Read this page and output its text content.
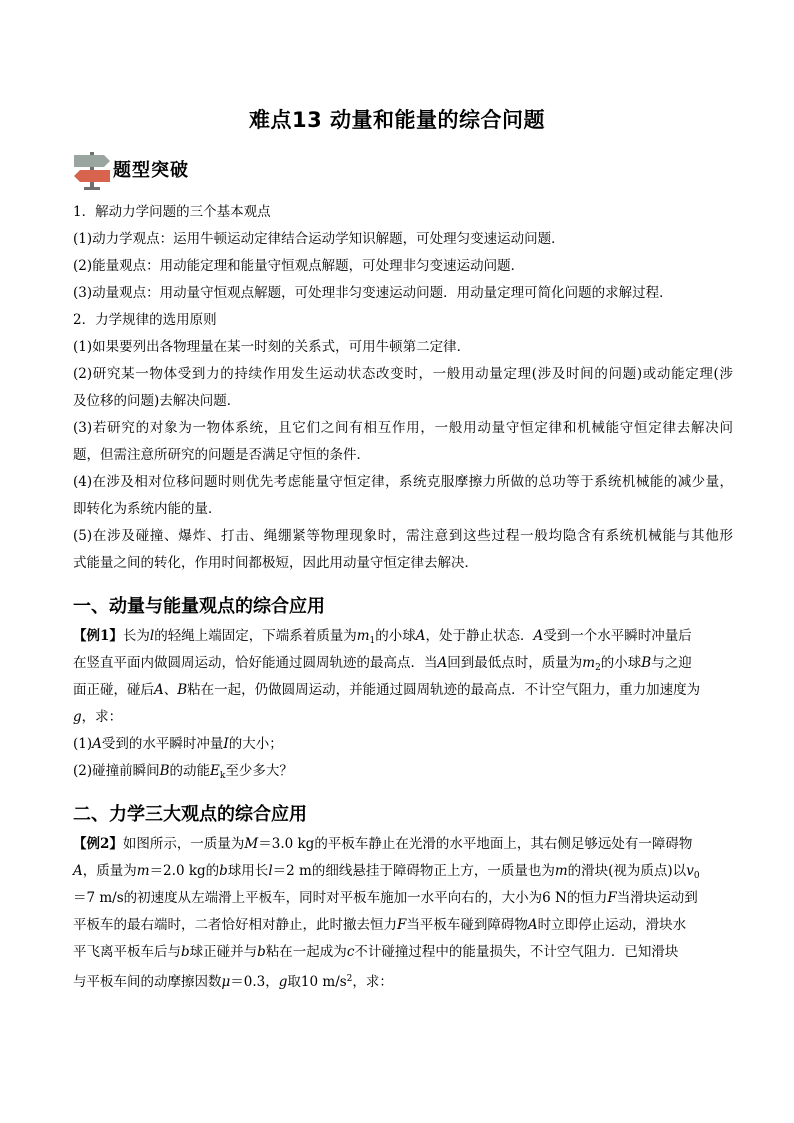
难点13 动量和能量的综合问题
题型突破
1．解动力学问题的三个基本观点
(1)动力学观点：运用牛顿运动定律结合运动学知识解题，可处理匀变速运动问题．
(2)能量观点：用动能定理和能量守恒观点解题，可处理非匀变速运动问题．
(3)动量观点：用动量守恒观点解题，可处理非匀变速运动问题．用动量定理可简化问题的求解过程．
2．力学规律的选用原则
(1)如果要列出各物理量在某一时刻的关系式，可用牛顿第二定律．
(2)研究某一物体受到力的持续作用发生运动状态改变时，一般用动量定理(涉及时间的问题)或动能定理(涉
及位移的问题)去解决问题．
(3)若研究的对象为一物体系统，且它们之间有相互作用，一般用动量守恒定律和机械能守恒定律去解决问
题，但需注意所研究的问题是否满足守恒的条件．
(4)在涉及相对位移问题时则优先考虑能量守恒定律，系统克服摩擦力所做的总功等于系统机械能的减少量，
即转化为系统内能的量．
(5)在涉及碰撞、爆炸、打击、绳绷紧等物理现象时，需注意到这些过程一般均隐含有系统机械能与其他形
式能量之间的转化，作用时间都极短，因此用动量守恒定律去解决．
一、动量与能量观点的综合应用
【例1】长为l的轻绳上端固定，下端系着质量为$m_1$的小球A，处于静止状态．A受到一个水平瞬时冲量后
在竖直平面内做圆周运动，恰好能通过圆周轨迹的最高点．当A回到最低点时，质量为$m_2$的小球B与之迎
面正碰，碰后A、B粘在一起，仍做圆周运动，并能通过圆周轨迹的最高点．不计空气阻力，重力加速度为
g，求：
(1)A受到的水平瞬时冲量I的大小；
(2)碰撞前瞬间B的动能$E_k$至少多大？
二、力学三大观点的综合应用
【例2】如图所示，一质量为M＝3.0 kg的平板车静止在光滑的水平地面上，其右侧足够远处有一障碍物
A，质量为m＝2.0 kg的b球用长l＝2 m的细线悬挂于障碍物正上方，一质量也为m的滑块(视为质点)以$v_0$
＝7 m/s的初速度从左端滑上平板车，同时对平板车施加一水平向右的，大小为6 N的恒力F当滑块运动到
平板车的最右端时，二者恰好相对静止，此时撤去恒力F当平板车碰到障碍物A时立即停止运动，滑块水
平飞离平板车后与b球正碰并与b粘在一起成为c不计碰撞过程中的能量损失，不计空气阻力．已知滑块
与平板车间的动摩擦因数μ＝0.3，g取10 $m/s^2$，求：
